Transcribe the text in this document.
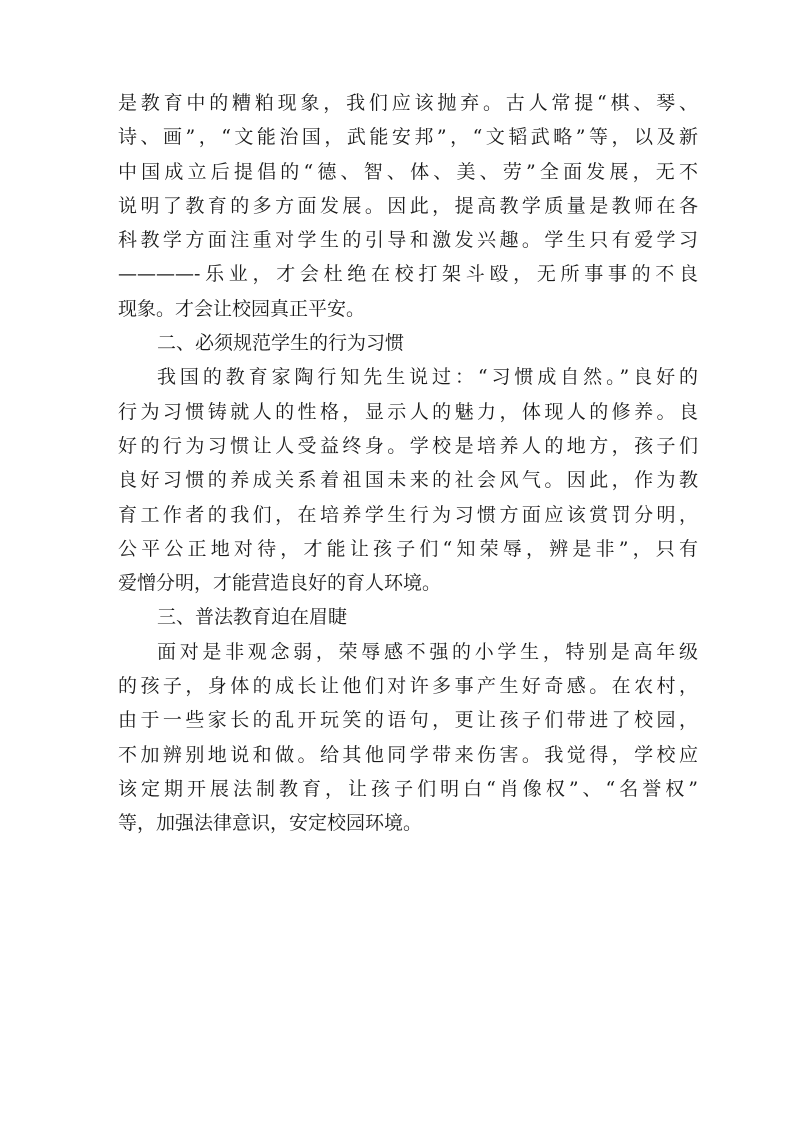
是教育中的糟粕现象，我们应该抛弃。古人常提“棋、琴、
诗、画”，“文能治国，武能安邦”，“文韬武略”等，以及新
中国成立后提倡的“德、智、体、美、劳”全面发展，无不
说明了教育的多方面发展。因此，提高教学质量是教师在各
科教学方面注重对学生的引导和激发兴趣。学生只有爱学习
————-乐业，才会杜绝在校打架斗殴，无所事事的不良
现象。才会让校园真正平安。
二、必须规范学生的行为习惯
我国的教育家陶行知先生说过：“习惯成自然。”良好的
行为习惯铸就人的性格，显示人的魅力，体现人的修养。良
好的行为习惯让人受益终身。学校是培养人的地方，孩子们
良好习惯的养成关系着祖国未来的社会风气。因此，作为教
育工作者的我们，在培养学生行为习惯方面应该赏罚分明，
公平公正地对待，才能让孩子们“知荣辱，辨是非”，只有
爱憎分明，才能营造良好的育人环境。
三、普法教育迫在眉睫
面对是非观念弱，荣辱感不强的小学生，特别是高年级
的孩子，身体的成长让他们对许多事产生好奇感。在农村，
由于一些家长的乱开玩笑的语句，更让孩子们带进了校园，
不加辨别地说和做。给其他同学带来伤害。我觉得，学校应
该定期开展法制教育，让孩子们明白“肖像权”、“名誉权”
等，加强法律意识，安定校园环境。
